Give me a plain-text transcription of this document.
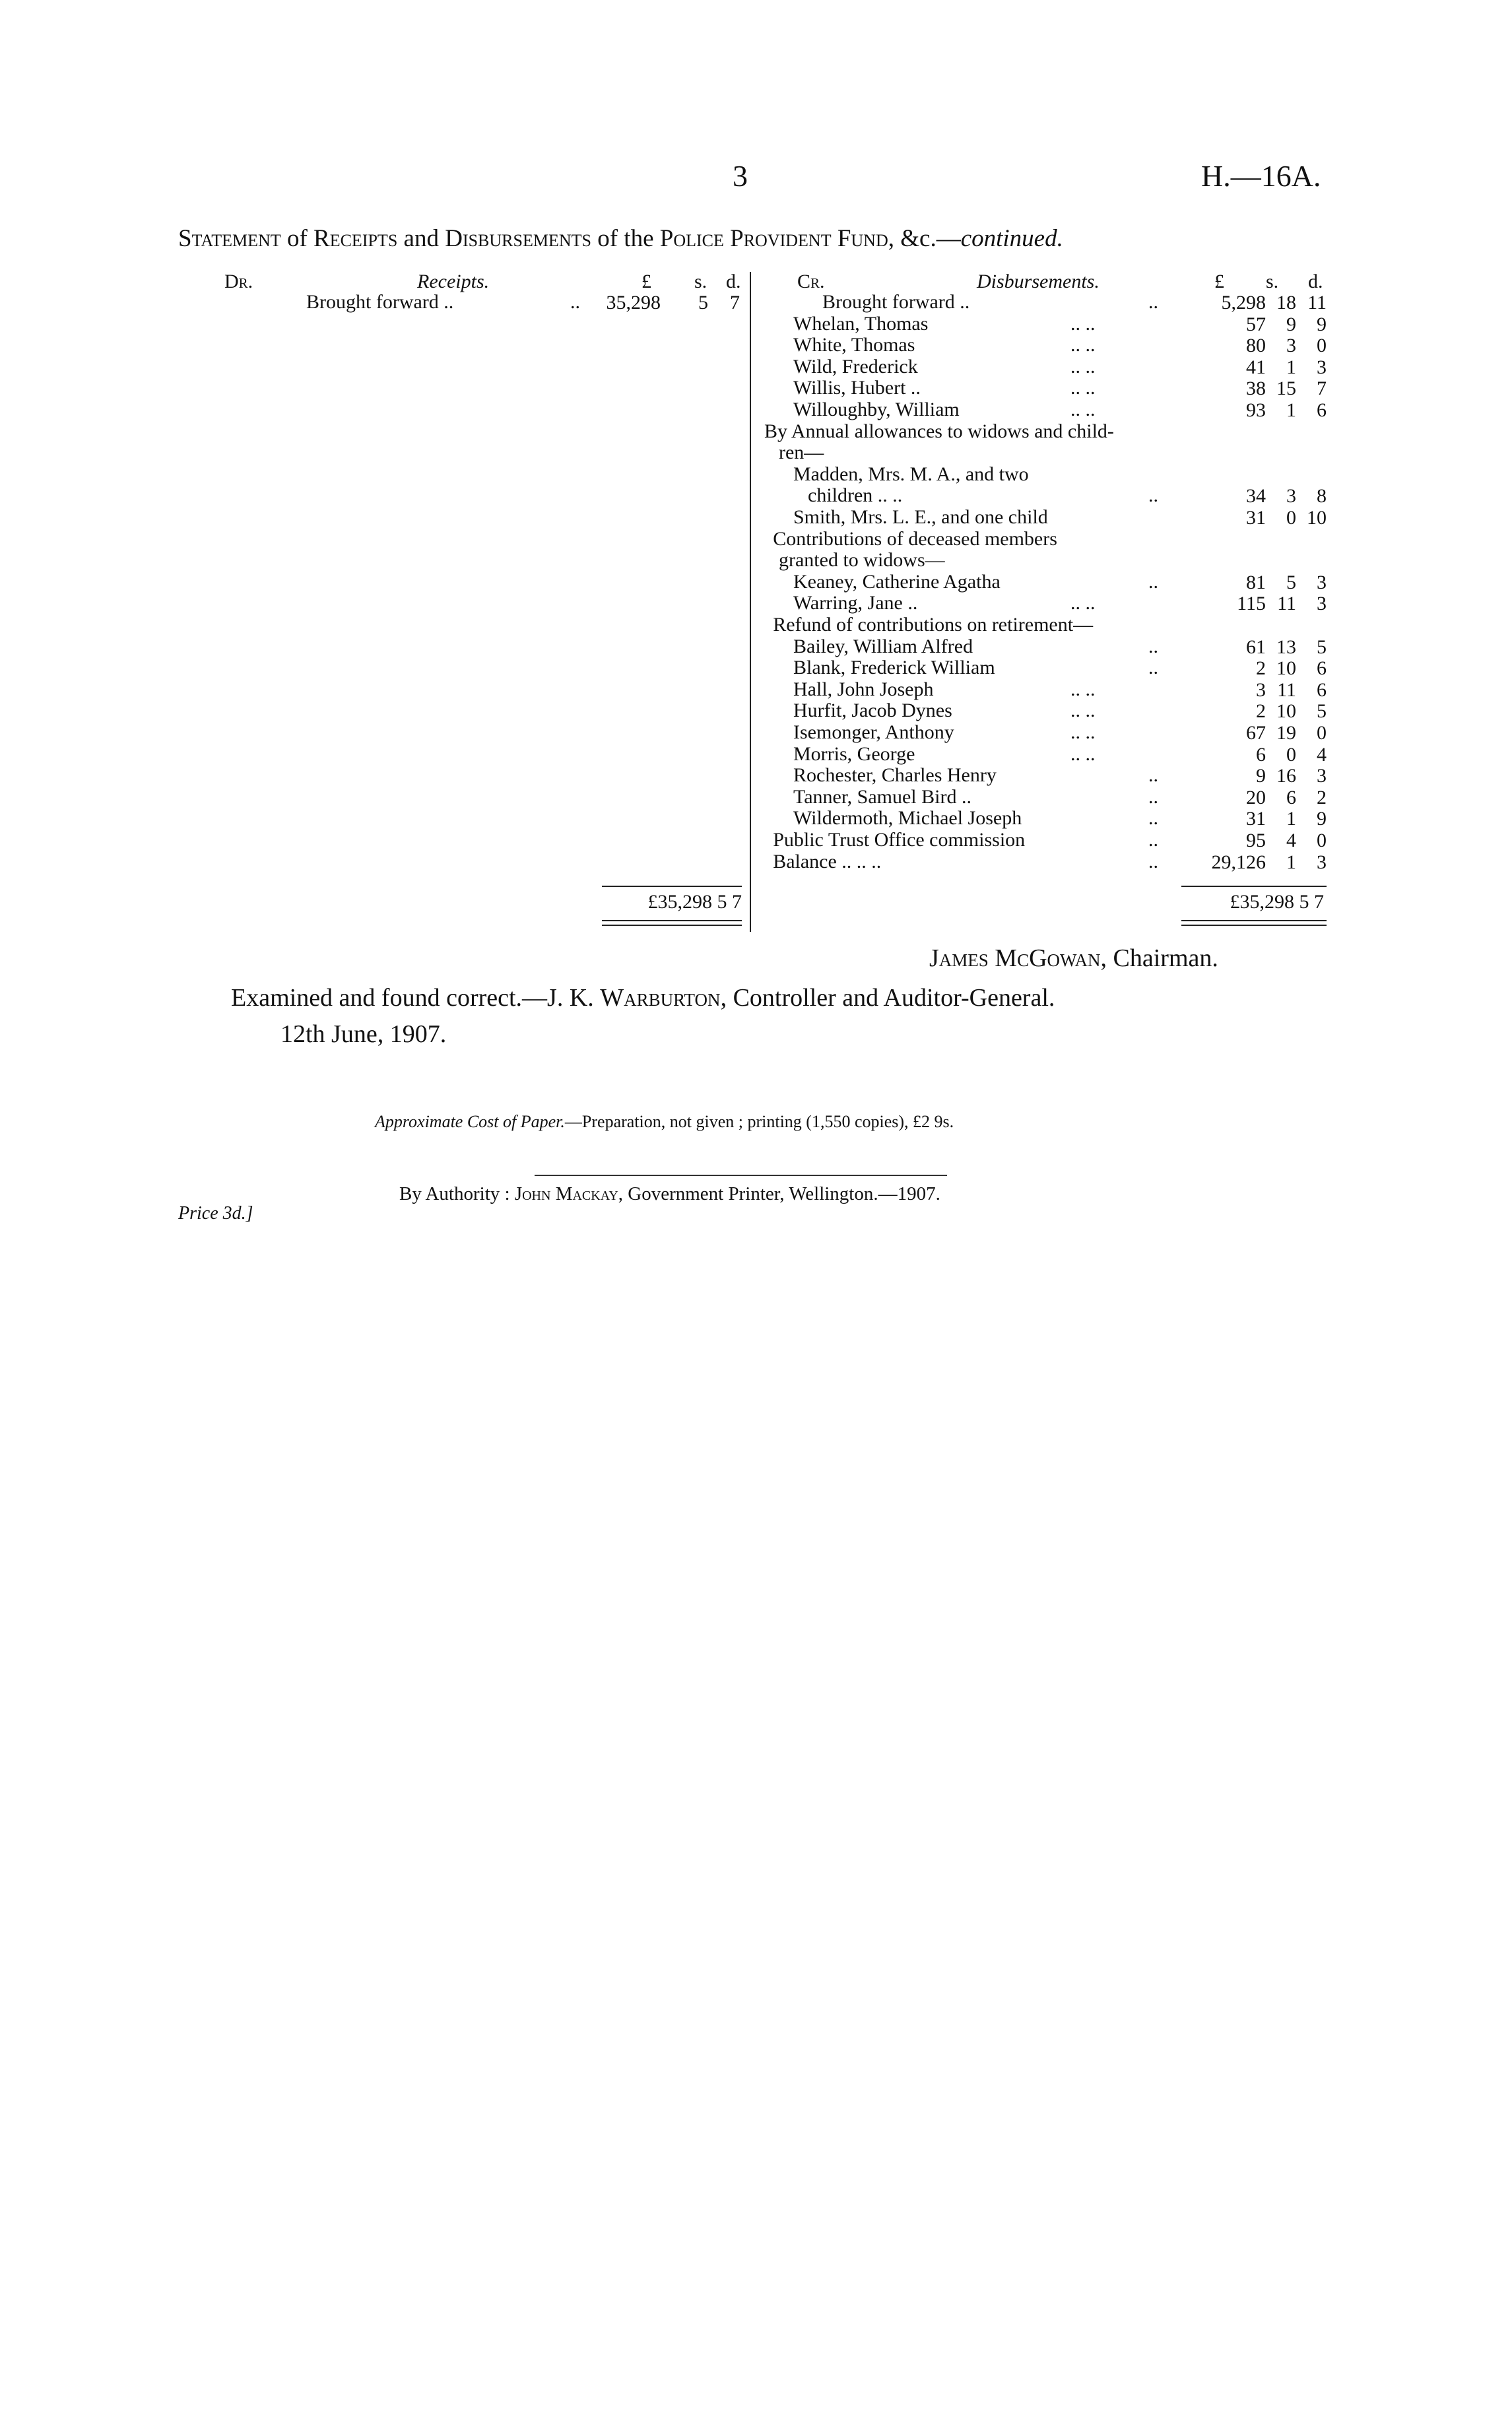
3	H.—16A.
Statement of Receipts and Disbursements of the Police Provident Fund, &c.—continued.
Dr.	Receipts.	£ s. d.
Brought forward ..	.. 35,298 5 7
£35,298 5 7
Cr.	Disbursements.	£ s. d.
Brought forward ..	..	5,298 18 11
Whelan, Thomas	.. ..	57 9 9
White, Thomas	.. ..	80 3 0
Wild, Frederick	.. ..	41 1 3
Willis, Hubert ..	.. ..	38 15 7
Willoughby, William	.. ..	93 1 6
By Annual allowances to widows and child-
ren—
Madden, Mrs. M. A., and two
children .. ..	..	34 3 8
Smith, Mrs. L. E., and one child	31 0 10
Contributions of deceased members
granted to widows—
Keaney, Catherine Agatha	..	81 5 3
Warring, Jane ..	.. ..	115 11 3
Refund of contributions on retirement—
Bailey, William Alfred	..	61 13 5
Blank, Frederick William	..	2 10 6
Hall, John Joseph	.. ..	3 11 6
Hurfit, Jacob Dynes	.. ..	2 10 5
Isemonger, Anthony	.. ..	67 19 0
Morris, George	.. ..	6 0 4
Rochester, Charles Henry	..	9 16 3
Tanner, Samuel Bird ..	..	20 6 2
Wildermoth, Michael Joseph	..	31 1 9
Public Trust Office commission	..	95 4 0
Balance .. .. ..	..	29,126 1 3
£35,298 5 7
James McGowan, Chairman.
Examined and found correct.—J. K. Warburton, Controller and Auditor-General.
12th June, 1907.
Approximate Cost of Paper.—Preparation, not given ; printing (1,550 copies), £2 9s.
By Authority : John Mackay, Government Printer, Wellington.—1907.
Price 3d.]
